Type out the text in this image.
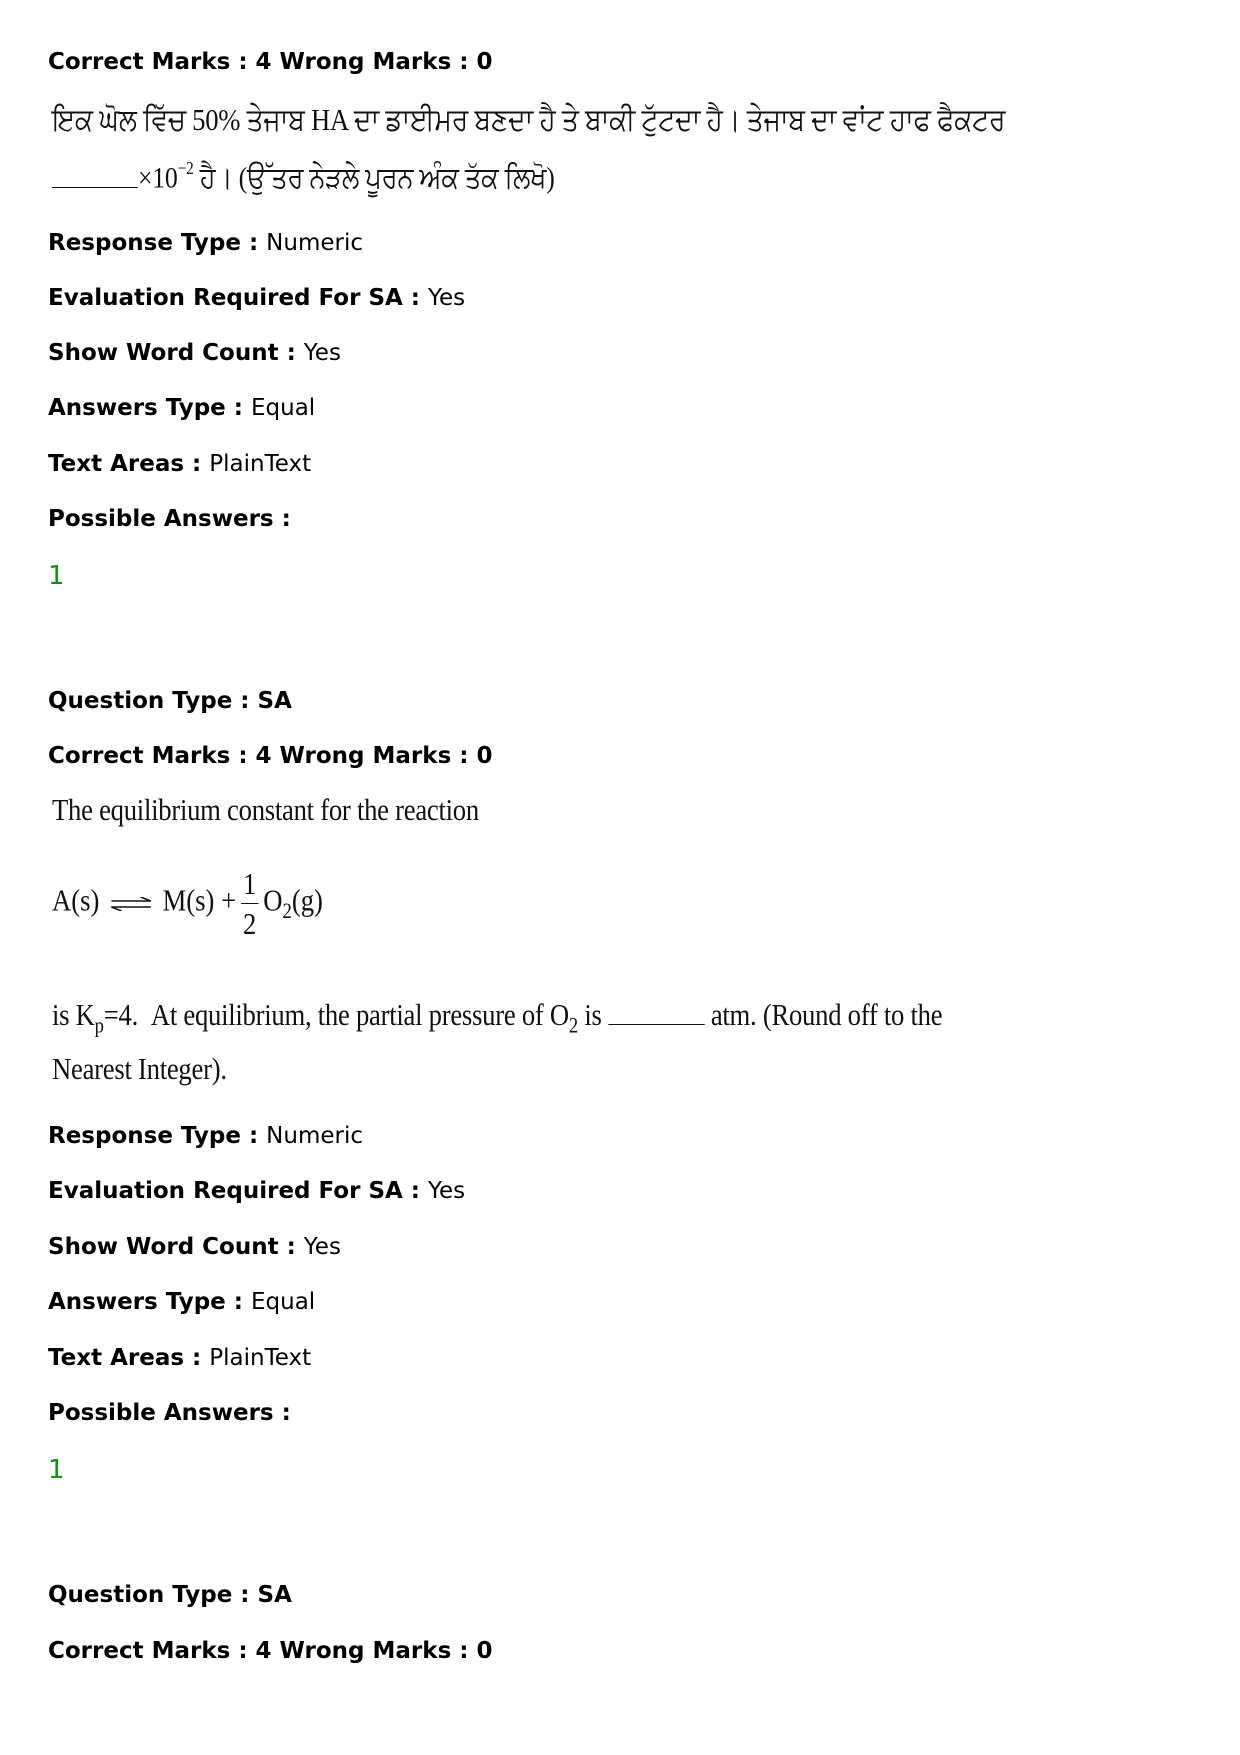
Correct Marks : 4 Wrong Marks : 0
ਇਕ ਘੋਲ ਵਿੱਚ 50% ਤੇਜਾਬ HA ਦਾ ਡਾਈਮਰ ਬਣਦਾ ਹੈ ਤੇ ਬਾਕੀ ਟੁੱਟਦਾ ਹੈ। ਤੇਜਾਬ ਦਾ ਵਾਂਟ ਹਾਫ ਫੈਕਟਰ
$\times 10^{-2}$ ਹੈ। (ਉੱਤਰ ਨੇੜਲੇ ਪੂਰਨ ਅੰਕ ਤੱਕ ਲਿਖੋ)
Response Type : Numeric
Evaluation Required For SA : Yes
Show Word Count : Yes
Answers Type : Equal
Text Areas : PlainText
Possible Answers :
1
Question Type : SA
Correct Marks : 4 Wrong Marks : 0
The equilibrium constant for the reaction
A(s) ⇌ $M(s) + \frac{1}{2} O_2(g)$
is $K_p=4$. At equilibrium, the partial pressure of $O_2$ is	atm. (Round off to the
Nearest Integer).
Response Type : Numeric
Evaluation Required For SA : Yes
Show Word Count : Yes
Answers Type : Equal
Text Areas : PlainText
Possible Answers :
1
Question Type : SA
Correct Marks : 4 Wrong Marks : 0
